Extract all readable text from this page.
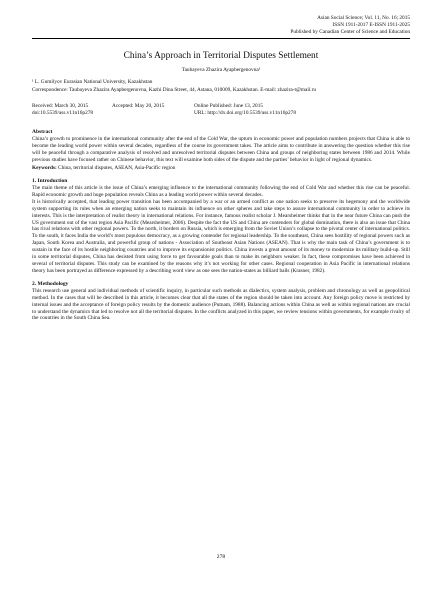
Asian Social Science; Vol. 11, No. 16; 2015
ISSN 1911-2017 E-ISSN 1911-2025
Published by Canadian Center of Science and Education
China’s Approach in Territorial Disputes Settlement
Taubayeva Zhazira Ayapbergenovna¹
¹ L. Gumilyov Eurasian National University, Kazakhstan
Correspondence: Taubayeva Zhazira Ayapbergenovna, Kazhi Dina Street, 44, Astana, 010009, Kazakhstan. E-mail: zhazira-t@mail.ru
Received: March 30, 2015	Accepted: May 20, 2015	Online Published: June 13, 2015
doi:10.5539/ass.v11n16p278	URL: http://dx.doi.org/10.5539/ass.v11n16p278
Abstract

China’s growth to prominence in the international community after the end of the Cold War, the upturn in economic power and population numbers projects that China is able to become the leading world power within several decades, regardless of the course its government takes. The article aims to contribute in answering the question whether this rise will be peaceful through a comparative analysis of resolved and unresolved territorial disputes between China and groups of neighboring states between 1986 and 2014. While previous studies have focused rather on Chinese behavior, this text will examine both sides of the dispute and the parties’ behavior in light of regional dynamics.

Keywords: China, territorial disputes, ASEAN, Asia-Pacific region
1. Introduction

The main theme of this article is the issue of China’s emerging influence to the international community following the end of Cold War and whether this rise can be peaceful. Rapid economic growth and huge population reveals China as a leading world power within several decades.

It is historically accepted, that leading power transition has been accompanied by a war or an armed conflict as one nation seeks to preserve its hegemony and the worldwide system supporting its rules when an emerging nation seeks to maintain its influence on other spheres and take steps to assure international community in order to achieve its interests. This is the interpretation of realist theory in international relations. For instance, famous realist scholar J. Mearsheimer thinks that in the near future China can push the US government out of the vast region Asia Pacific (Mearsheimer, 2006). Despite the fact the US and China are contenders for global domination, there is also an issue that China has rival relations with other regional powers. To the north, it borders on Russia, which is emerging from the Soviet Union’s collapse to the pivotal center of international politics. To the south, it faces India the world’s most populous democracy, as a growing contender for regional leadership. To the southeast, China sees hostility of regional powers such as Japan, South Korea and Australia, and powerful group of nations - Association of Southeast Asian Nations (ASEAN). That is why the main task of China’s government is to sustain in the face of its hostile neighboring countries and to improve its expansionist politics. China invests a great amount of its money to modernize its military build-up. Still in some territorial disputes, China has desisted from using force to get favourable goals than to make its neighbors weaker. In fact, these compromises have been achieved in several of territorial disputes. This study can be examined by the reasons why it’s not working for other cases. Regional cooperation in Asia Pacific in international relations theory has been portrayed as difference expressed by a describing word view as one sees the nation-states as billiard balls (Krasner, 1982).

2. Methodology

This research use general and individual methods of scientific inquiry, in particular such methods as dialectics, system analysis, problem and chronology as well as geopolitical method. In the cases that will be described in this article, it becomes clear that all the states of the region should be taken into account. Any foreign policy move is restricted by internal issues and the acceptance of foreign policy results by the domestic audience (Putnam, 1988). Balancing actions within China as well as within regional nations are crucial to understand the dynamics that led to resolve not all the territorial disputes. In the conflicts analyzed in this paper, we review tensions within governments, for example rivalry of the countries in the South China Sea.

278
